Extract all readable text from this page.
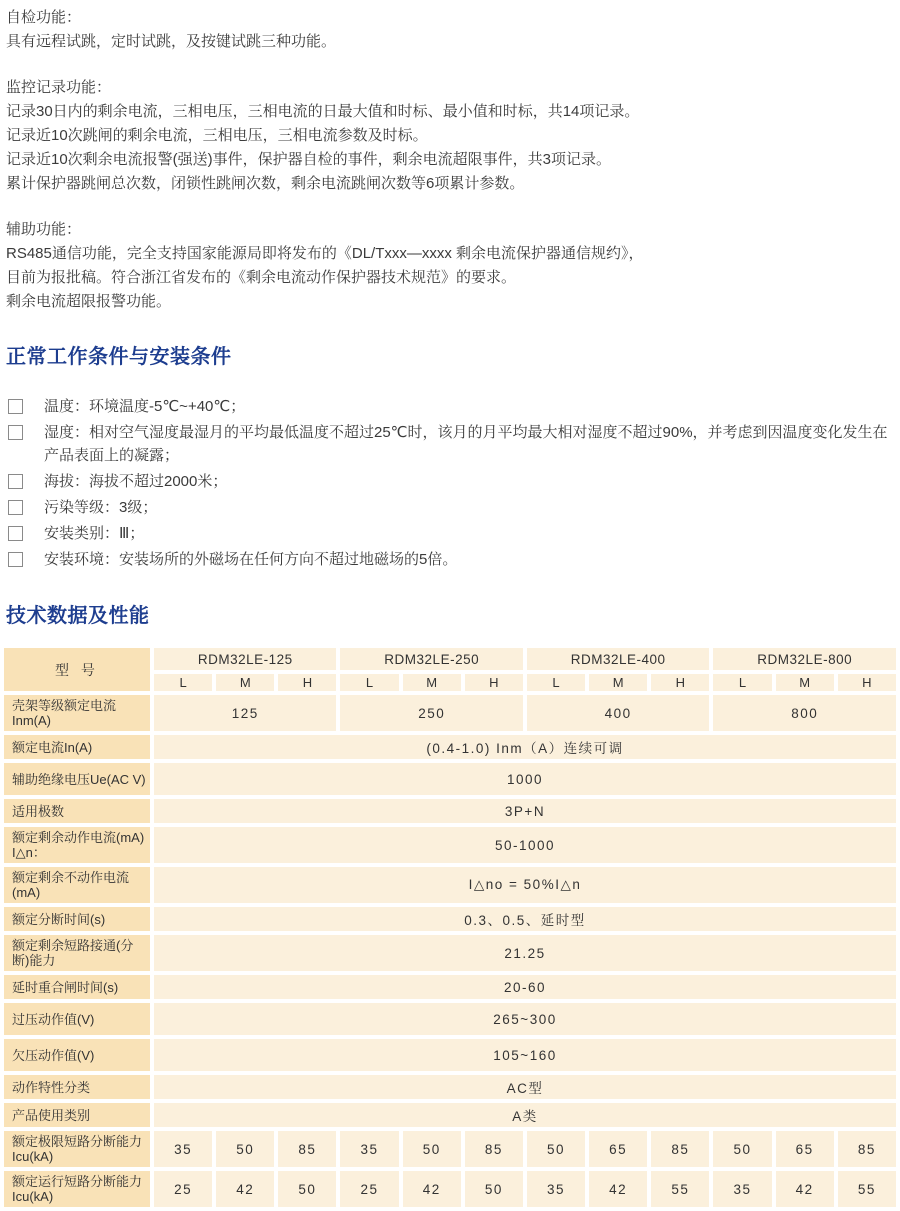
自检功能：
具有远程试跳，定时试跳，及按键试跳三种功能。
监控记录功能：
记录30日内的剩余电流，三相电压，三相电流的日最大值和时标、最小值和时标，共14项记录。
记录近10次跳闸的剩余电流，三相电压，三相电流参数及时标。
记录近10次剩余电流报警(强送)事件，保护器自检的事件，剩余电流超限事件，共3项记录。
累计保护器跳闸总次数，闭锁性跳闸次数，剩余电流跳闸次数等6项累计参数。
辅助功能：
RS485通信功能，完全支持国家能源局即将发布的《DL/Txxx—xxxx 剩余电流保护器通信规约》，
目前为报批稿。符合浙江省发布的《剩余电流动作保护器技术规范》的要求。
剩余电流超限报警功能。
正常工作条件与安装条件
温度：环境温度-5℃~+40℃；
湿度：相对空气湿度最湿月的平均最低温度不超过25℃时，该月的月平均最大相对湿度不超过90%，并考虑到因温度变化发生在产品表面上的凝露；
海拔：海拔不超过2000米；
污染等级：3级；
安装类别：Ⅲ；
安装环境：安装场所的外磁场在任何方向不超过地磁场的5倍。
技术数据及性能
型 号	RDM32LE-125			RDM32LE-250			RDM32LE-400			RDM32LE-800		
	L	M	H	L	M	H	L	M	H	L	M	H
壳架等级额定电流Inm(A)	125			250			400			800		
额定电流In(A)	(0.4-1.0) Inm（A）连续可调											
辅助绝缘电压Ue(AC V)	1000											
适用极数	3P+N											
额定剩余动作电流(mA) I△n：	50-1000											
额定剩余不动作电流(mA)	I△no = 50%I△n											
额定分断时间(s)	0.3、0.5、延时型											
额定剩余短路接通(分断)能力	21.25											
延时重合闸时间(s)	20-60											
过压动作值(V)	265~300											
欠压动作值(V)	105~160											
动作特性分类	AC型											
产品使用类别	A类											
额定极限短路分断能力Icu(kA)	35	50	85	35	50	85	50	65	85	50	65	85
额定运行短路分断能力Icu(kA)	25	42	50	25	42	50	35	42	55	35	42	55
